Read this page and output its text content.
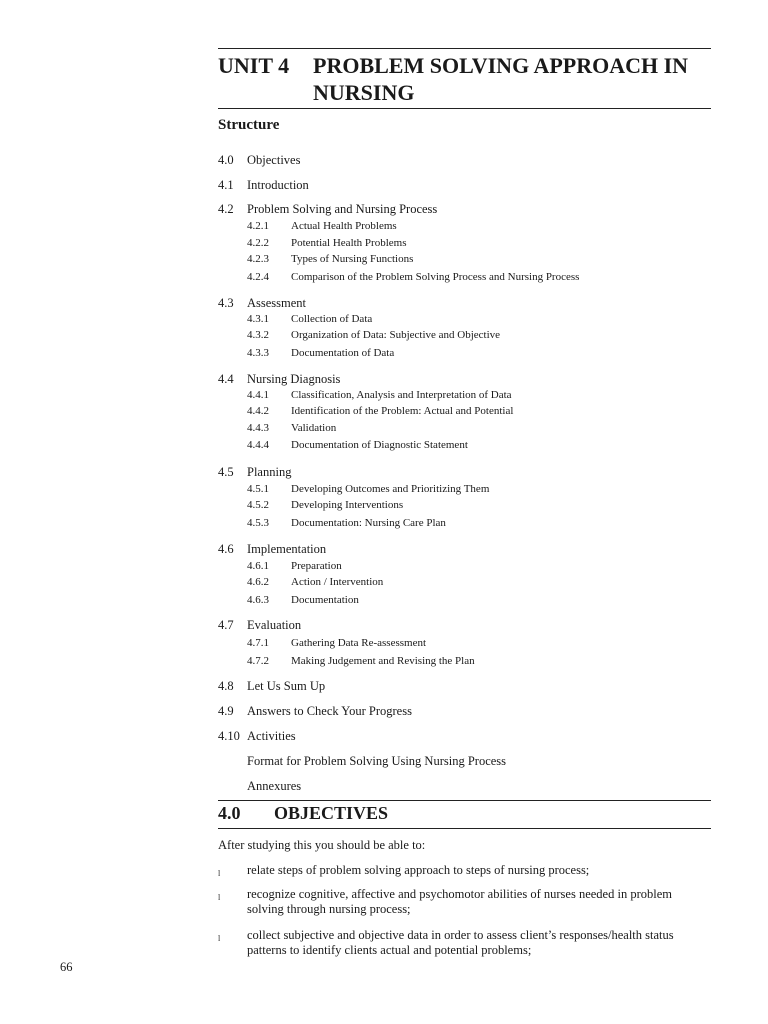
UNIT 4 PROBLEM SOLVING APPROACH IN
NURSING
Structure
4.0 Objectives
4.1 Introduction
4.2 Problem Solving and Nursing Process
4.2.1 Actual Health Problems
4.2.2 Potential Health Problems
4.2.3 Types of Nursing Functions
4.2.4 Comparison of the Problem Solving Process and Nursing Process
4.3 Assessment
4.3.1 Collection of Data
4.3.2 Organization of Data: Subjective and Objective
4.3.3 Documentation of Data
4.4 Nursing Diagnosis
4.4.1 Classification, Analysis and Interpretation of Data
4.4.2 Identification of the Problem: Actual and Potential
4.4.3 Validation
4.4.4 Documentation of Diagnostic Statement
4.5 Planning
4.5.1 Developing Outcomes and Prioritizing Them
4.5.2 Developing Interventions
4.5.3 Documentation: Nursing Care Plan
4.6 Implementation
4.6.1 Preparation
4.6.2 Action / Intervention
4.6.3 Documentation
4.7 Evaluation
4.7.1 Gathering Data Re-assessment
4.7.2 Making Judgement and Revising the Plan
4.8 Let Us Sum Up
4.9 Answers to Check Your Progress
4.10 Activities
Format for Problem Solving Using Nursing Process
Annexures
4.0 OBJECTIVES
After studying this you should be able to:
l relate steps of problem solving approach to steps of nursing process;
l recognize cognitive, affective and psychomotor abilities of nurses needed in problem
solving through nursing process;
l collect subjective and objective data in order to assess client’s responses/health status
patterns to identify clients actual and potential problems;
66
